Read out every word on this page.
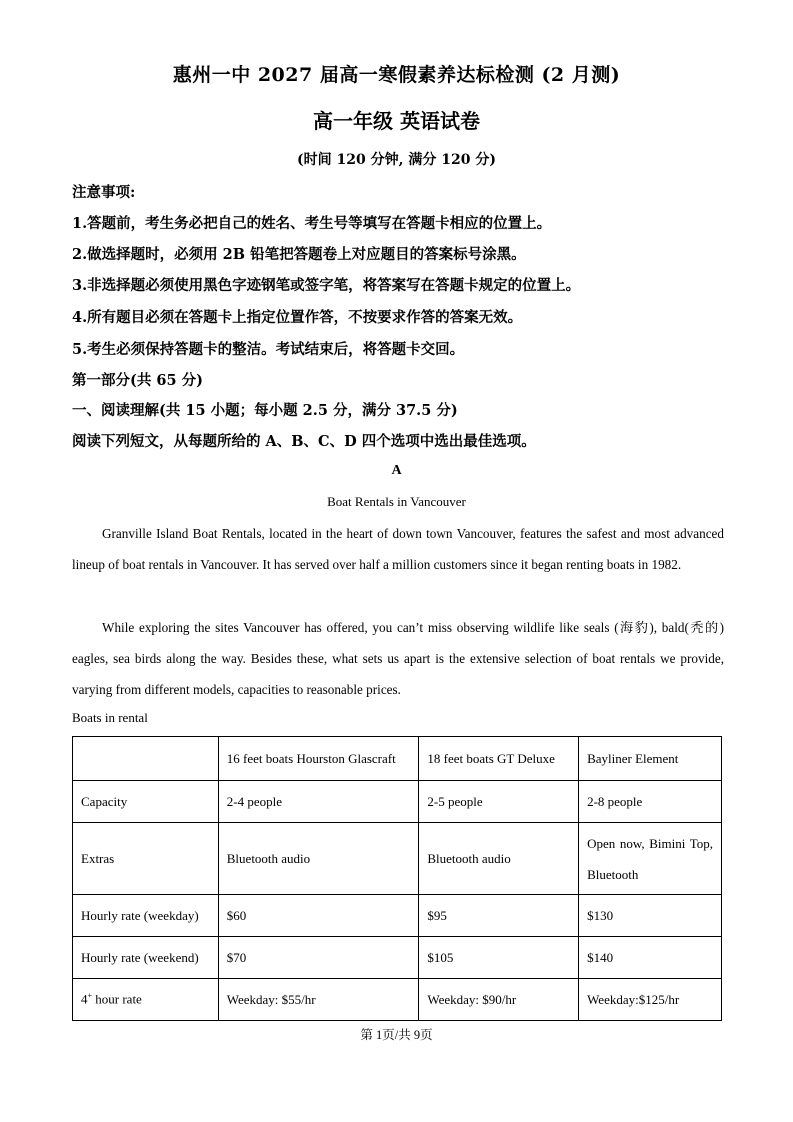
惠州一中 2027 届高一寒假素养达标检测 (2 月测)
高一年级 英语试卷
(时间 120 分钟, 满分 120 分)
注意事项:
1.答题前，考生务必把自己的姓名、考生号等填写在答题卡相应的位置上。
2.做选择题时，必须用 2B 铅笔把答题卷上对应题目的答案标号涂黑。
3.非选择题必须使用黑色字迹钢笔或签字笔，将答案写在答题卡规定的位置上。
4.所有题目必须在答题卡上指定位置作答，不按要求作答的答案无效。
5.考生必须保持答题卡的整洁。考试结束后，将答题卡交回。
第一部分(共 65 分)
一、阅读理解(共 15 小题；每小题 2.5 分，满分 37.5 分)
阅读下列短文，从每题所给的 A、B、C、D 四个选项中选出最佳选项。
A
Boat Rentals in Vancouver
Granville Island Boat Rentals, located in the heart of down town Vancouver, features the safest and most advanced lineup of boat rentals in Vancouver. It has served over half a million customers since it began renting boats in 1982.
While exploring the sites Vancouver has offered, you can’t miss observing wildlife like seals (海豹), bald(秃的) eagles, sea birds along the way. Besides these, what sets us apart is the extensive selection of boat rentals we provide, varying from different models, capacities to reasonable prices.
Boats in rental
	16 feet boats Hourston Glascraft	18 feet boats GT Deluxe	Bayliner Element
Capacity	2-4 people	2-5 people	2-8 people
Extras	Bluetooth audio	Bluetooth audio	Open now, Bimini Top, Bluetooth
Hourly rate (weekday)	$60	$95	$130
Hourly rate (weekend)	$70	$105	$140
4+ hour rate	Weekday: $55/hr	Weekday: $90/hr	Weekday:$125/hr
第 1页/共 9页
